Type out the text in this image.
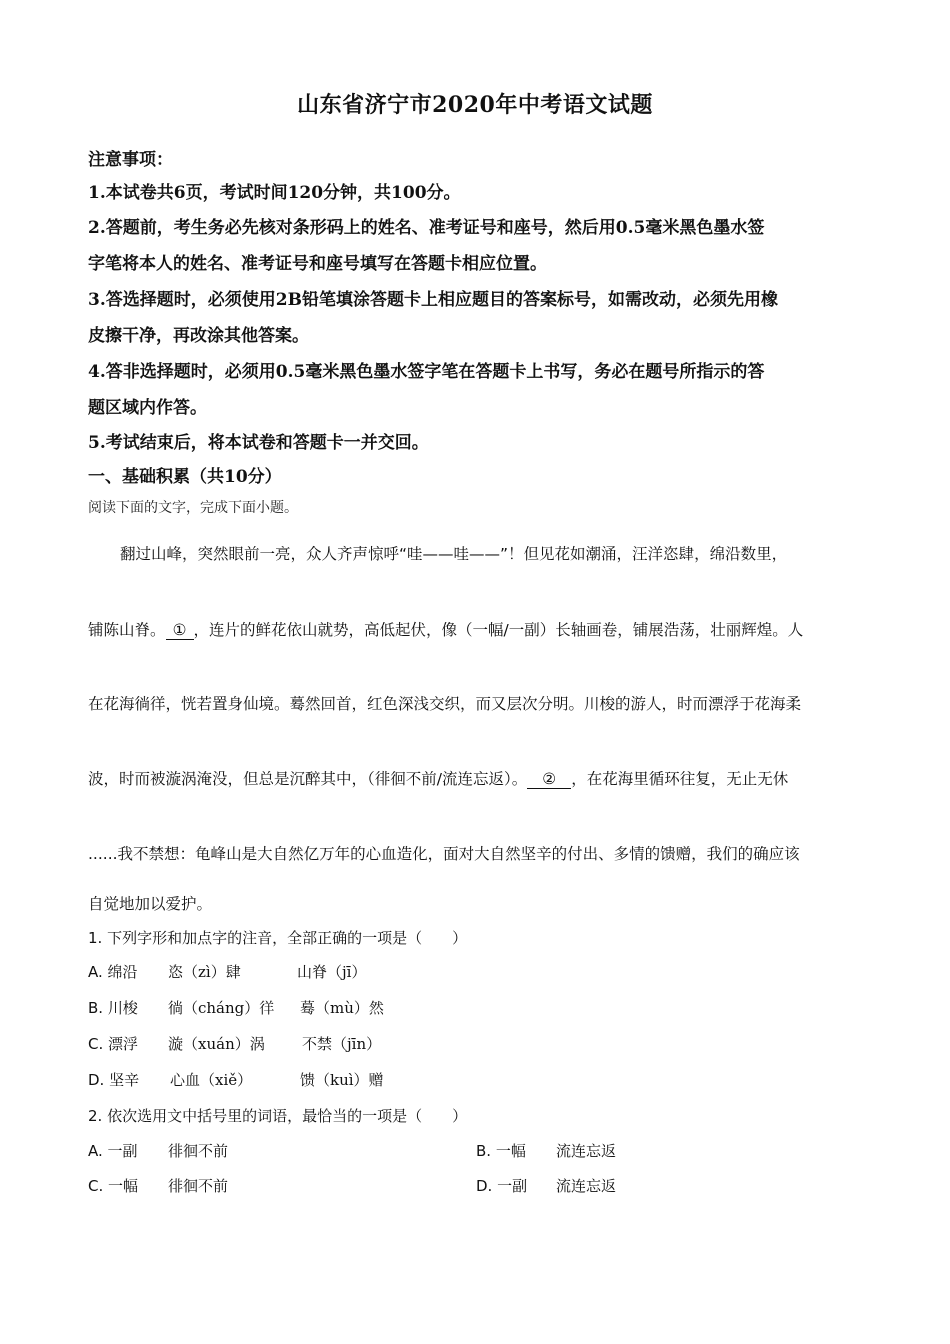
山东省济宁市2020年中考语文试题
注意事项：
1.本试卷共6页，考试时间120分钟，共100分。
2.答题前，考生务必先核对条形码上的姓名、准考证号和座号，然后用0.5毫米黑色墨水签
字笔将本人的姓名、准考证号和座号填写在答题卡相应位置。
3.答选择题时，必须使用2B铅笔填涂答题卡上相应题目的答案标号，如需改动，必须先用橡
皮擦干净，再改涂其他答案。
4.答非选择题时，必须用0.5毫米黑色墨水签字笔在答题卡上书写，务必在题号所指示的答
题区域内作答。
5.考试结束后，将本试卷和答题卡一并交回。
一、基础积累（共10分）
阅读下面的文字，完成下面小题。
翻过山峰，突然眼前一亮，众人齐声惊呼“哇——哇——”！但见花如潮涌，汪洋恣肆，绵沿数里，
铺陈山脊。 ① ，连片的鲜花依山就势，高低起伏，像（一幅/一副）长轴画卷，铺展浩荡，壮丽辉煌。人
在花海徜徉，恍若置身仙境。蓦然回首，红色深浅交织，而又层次分明。川梭的游人，时而漂浮于花海柔
波，时而被漩涡淹没，但总是沉醉其中，（徘徊不前/流连忘返）。 ② ，在花海里循环往复，无止无休
......我不禁想：龟峰山是大自然亿万年的心血造化，面对大自然坚辛的付出、多情的馈赠，我们的确应该
自觉地加以爱护。
1. 下列字形和加点字的注音，全部正确的一项是（　　）
A. 绵沿 恣（zì）肆	山脊（jī）
B. 川梭 徜（cháng）徉 蓦（mù）然
C. 漂浮 漩（xuán）涡 不禁（jīn）
D. 坚辛 心血（xiě）	馈（kuì）赠
2. 依次选用文中括号里的词语，最恰当的一项是（　　）
A. 一副 徘徊不前	B. 一幅 流连忘返
C. 一幅 徘徊不前	D. 一副 流连忘返
